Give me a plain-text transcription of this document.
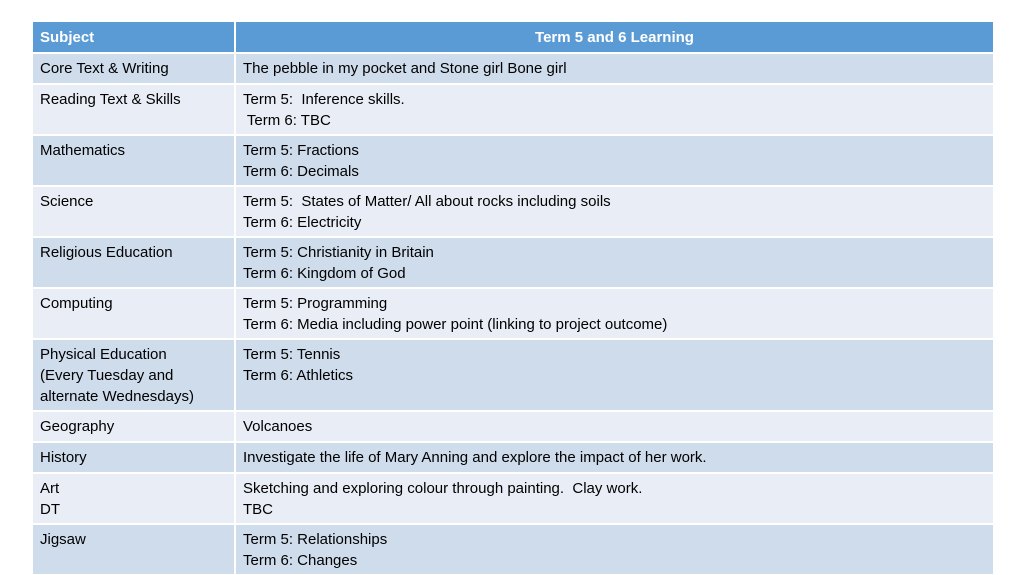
Subject	Term 5 and 6 Learning

Core Text & Writing	The pebble in my pocket and Stone girl Bone girl

Reading Text & Skills	Term 5:  Inference skills.
Term 6: TBC

Mathematics	Term 5: Fractions
Term 6: Decimals

Science	Term 5:  States of Matter/ All about rocks including soils
Term 6: Electricity

Religious Education	Term 5: Christianity in Britain
Term 6: Kingdom of God

Computing	Term 5: Programming
Term 6: Media including power point (linking to project outcome)

Physical Education
(Every Tuesday and
alternate Wednesdays)	Term 5: Tennis
Term 6: Athletics

Geography	Volcanoes

History	Investigate the life of Mary Anning and explore the impact of her work.

Art
DT	Sketching and exploring colour through painting.  Clay work.
TBC

Jigsaw	Term 5: Relationships
Term 6: Changes
